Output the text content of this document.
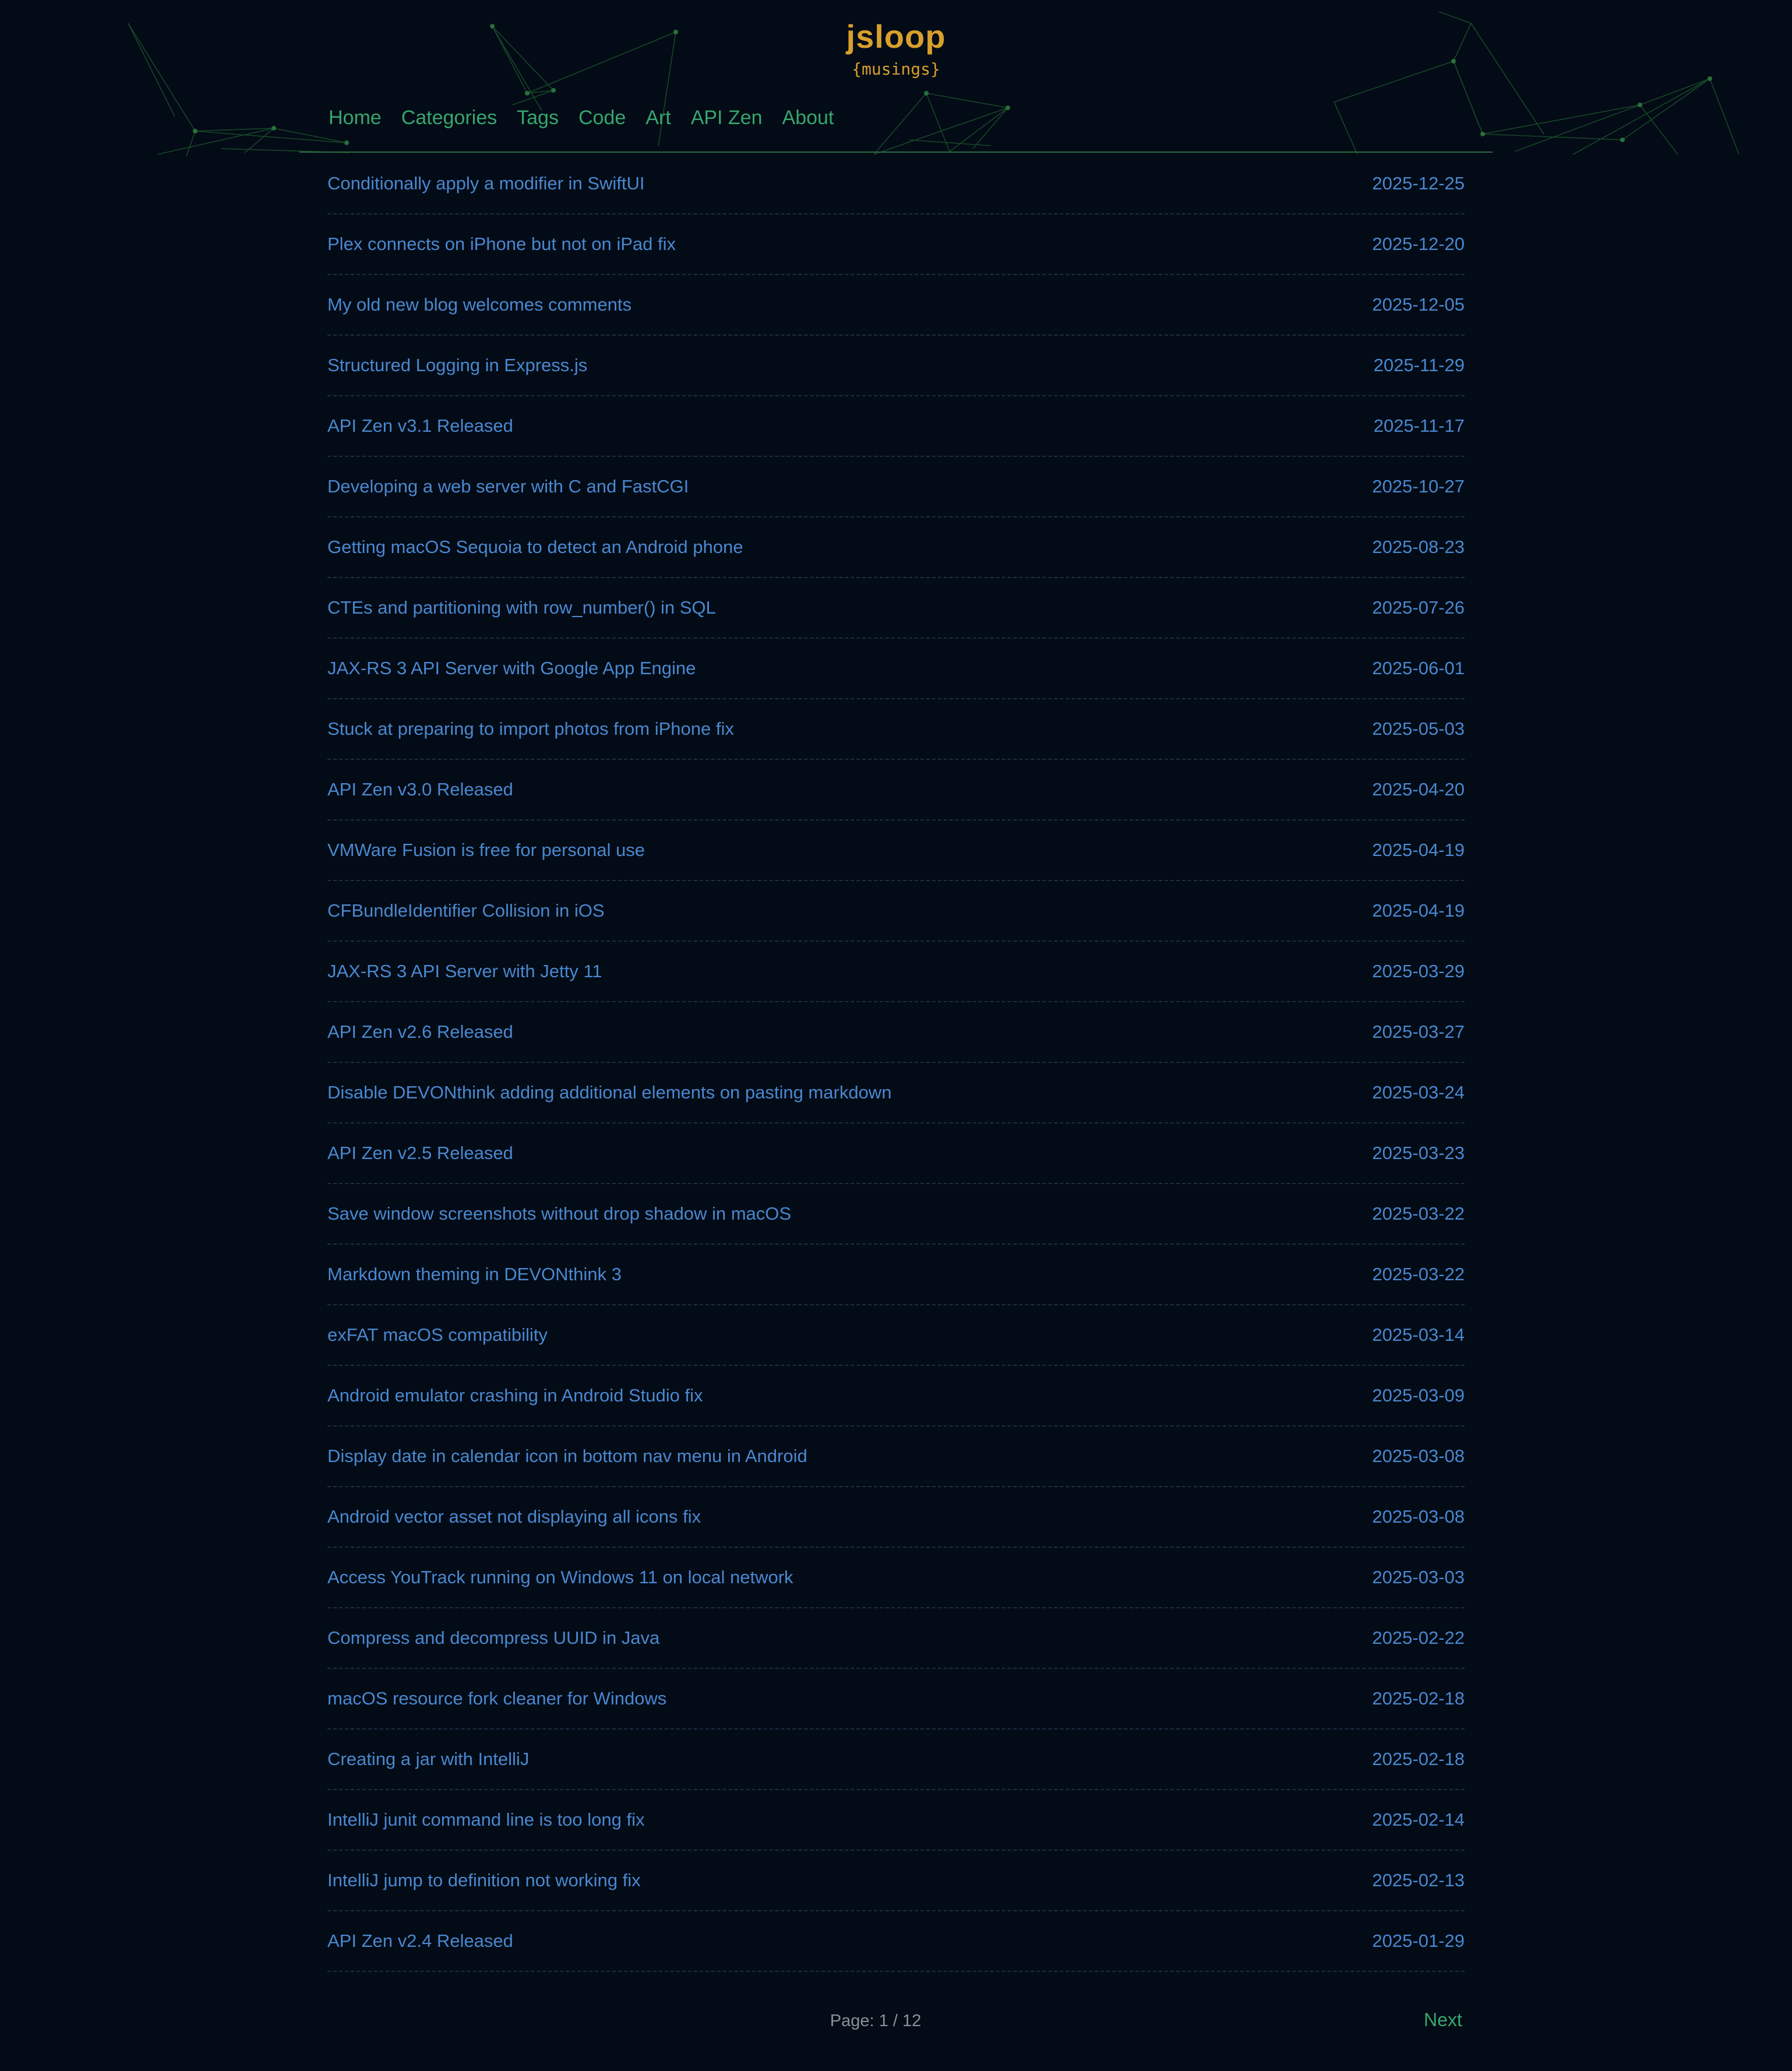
jsloop
{musings}
Home Categories Tags Code Art API Zen About
Conditionally apply a modifier in SwiftUI	2025-12-25
Plex connects on iPhone but not on iPad fix	2025-12-20
My old new blog welcomes comments	2025-12-05
Structured Logging in Express.js	2025-11-29
API Zen v3.1 Released	2025-11-17
Developing a web server with C and FastCGI	2025-10-27
Getting macOS Sequoia to detect an Android phone	2025-08-23
CTEs and partitioning with row_number() in SQL	2025-07-26
JAX-RS 3 API Server with Google App Engine	2025-06-01
Stuck at preparing to import photos from iPhone fix	2025-05-03
API Zen v3.0 Released	2025-04-20
VMWare Fusion is free for personal use	2025-04-19
CFBundleIdentifier Collision in iOS	2025-04-19
JAX-RS 3 API Server with Jetty 11	2025-03-29
API Zen v2.6 Released	2025-03-27
Disable DEVONthink adding additional elements on pasting markdown	2025-03-24
API Zen v2.5 Released	2025-03-23
Save window screenshots without drop shadow in macOS	2025-03-22
Markdown theming in DEVONthink 3	2025-03-22
exFAT macOS compatibility	2025-03-14
Android emulator crashing in Android Studio fix	2025-03-09
Display date in calendar icon in bottom nav menu in Android	2025-03-08
Android vector asset not displaying all icons fix	2025-03-08
Access YouTrack running on Windows 11 on local network	2025-03-03
Compress and decompress UUID in Java	2025-02-22
macOS resource fork cleaner for Windows	2025-02-18
Creating a jar with IntelliJ	2025-02-18
IntelliJ junit command line is too long fix	2025-02-14
IntelliJ jump to definition not working fix	2025-02-13
API Zen v2.4 Released	2025-01-29
Page: 1 / 12	Next
